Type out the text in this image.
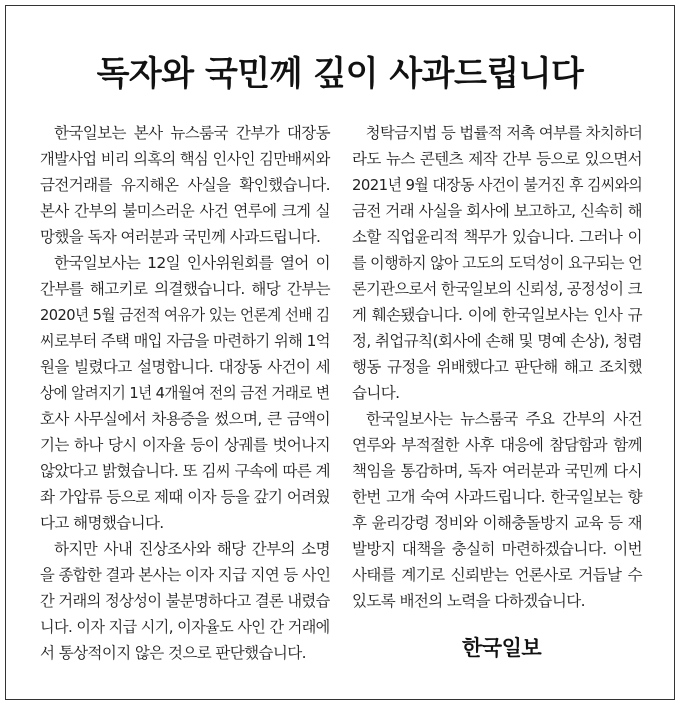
독자와 국민께 깊이 사과드립니다
한국일보는 본사 뉴스룸국 간부가 대장동
개발사업 비리 의혹의 핵심 인사인 김만배씨와
금전거래를 유지해온 사실을 확인했습니다.
본사 간부의 불미스러운 사건 연루에 크게 실
망했을 독자 여러분과 국민께 사과드립니다.
한국일보사는 12일 인사위원회를 열어 이
간부를 해고키로 의결했습니다. 해당 간부는
2020년 5월 금전적 여유가 있는 언론계 선배 김
씨로부터 주택 매입 자금을 마련하기 위해 1억
원을 빌렸다고 설명합니다. 대장동 사건이 세
상에 알려지기 1년 4개월여 전의 금전 거래로 변
호사 사무실에서 차용증을 썼으며, 큰 금액이
기는 하나 당시 이자율 등이 상궤를 벗어나지
않았다고 밝혔습니다. 또 김씨 구속에 따른 계
좌 가압류 등으로 제때 이자 등을 갚기 어려웠
다고 해명했습니다.
하지만 사내 진상조사와 해당 간부의 소명
을 종합한 결과 본사는 이자 지급 지연 등 사인
간 거래의 정상성이 불분명하다고 결론 내렸습
니다. 이자 지급 시기, 이자율도 사인 간 거래에
서 통상적이지 않은 것으로 판단했습니다.
청탁금지법 등 법률적 저촉 여부를 차치하더
라도 뉴스 콘텐츠 제작 간부 등으로 있으면서
2021년 9월 대장동 사건이 불거진 후 김씨와의
금전 거래 사실을 회사에 보고하고, 신속히 해
소할 직업윤리적 책무가 있습니다. 그러나 이
를 이행하지 않아 고도의 도덕성이 요구되는 언
론기관으로서 한국일보의 신뢰성, 공정성이 크
게 훼손됐습니다. 이에 한국일보사는 인사 규
정, 취업규칙(회사에 손해 및 명예 손상), 청렴
행동 규정을 위배했다고 판단해 해고 조치했
습니다.
한국일보사는 뉴스룸국 주요 간부의 사건
연루와 부적절한 사후 대응에 참담함과 함께
책임을 통감하며, 독자 여러분과 국민께 다시
한번 고개 숙여 사과드립니다. 한국일보는 향
후 윤리강령 정비와 이해충돌방지 교육 등 재
발방지 대책을 충실히 마련하겠습니다. 이번
사태를 계기로 신뢰받는 언론사로 거듭날 수
있도록 배전의 노력을 다하겠습니다.
한국일보
